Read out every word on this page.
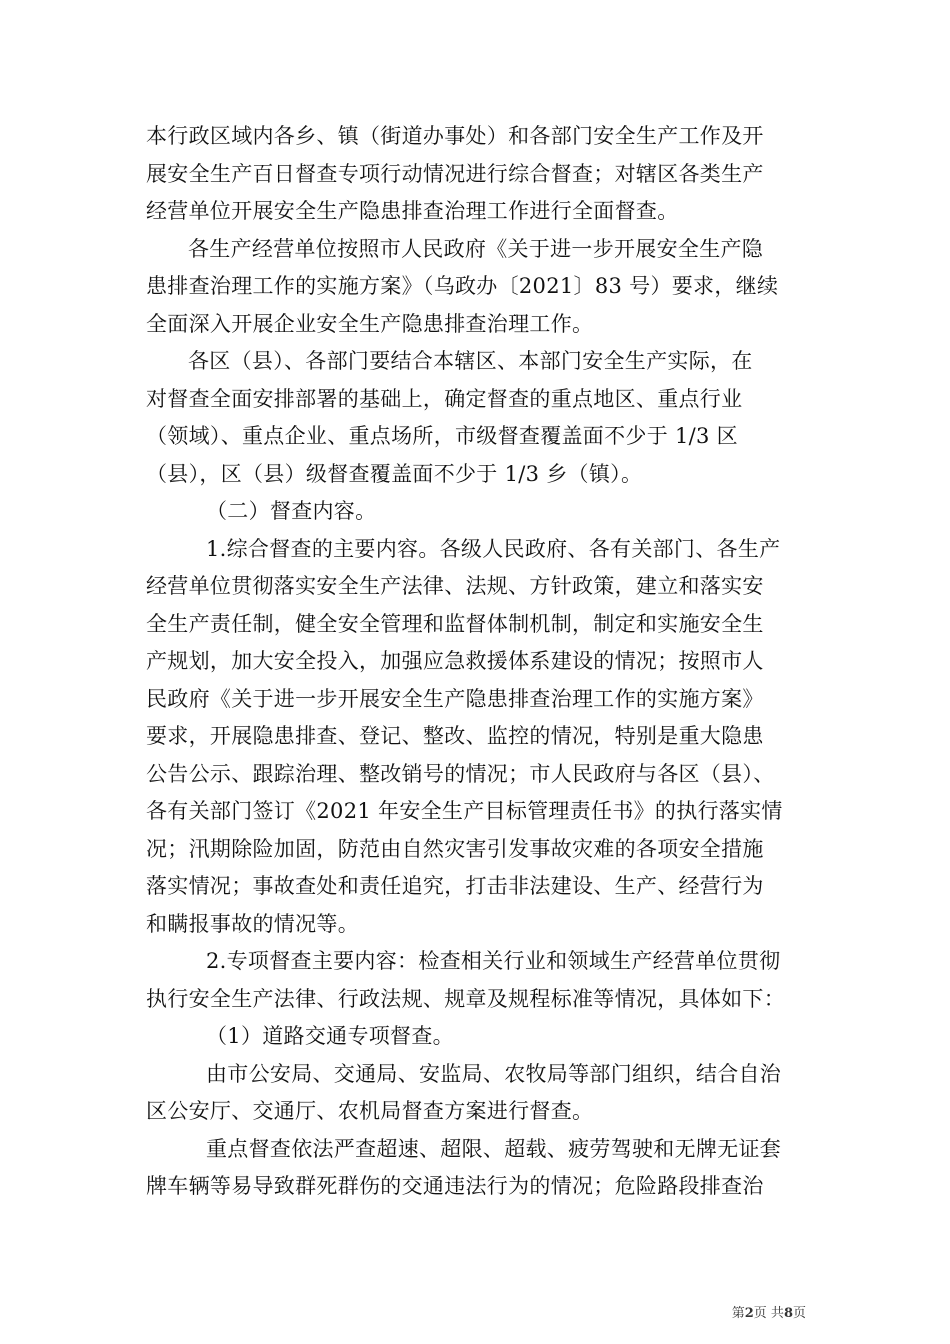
本行政区域内各乡、镇（街道办事处）和各部门安全生产工作及开
展安全生产百日督查专项行动情况进行综合督查；对辖区各类生产
经营单位开展安全生产隐患排查治理工作进行全面督查。
各生产经营单位按照市人民政府《关于进一步开展安全生产隐
患排查治理工作的实施方案》（乌政办〔2021〕83 号）要求，继续
全面深入开展企业安全生产隐患排查治理工作。
各区（县）、各部门要结合本辖区、本部门安全生产实际，在
对督查全面安排部署的基础上，确定督查的重点地区、重点行业
（领域）、重点企业、重点场所，市级督查覆盖面不少于 1/3 区
（县），区（县）级督查覆盖面不少于 1/3 乡（镇）。
（二）督查内容。
1.综合督查的主要内容。各级人民政府、各有关部门、各生产
经营单位贯彻落实安全生产法律、法规、方针政策，建立和落实安
全生产责任制，健全安全管理和监督体制机制，制定和实施安全生
产规划，加大安全投入，加强应急救援体系建设的情况；按照市人
民政府《关于进一步开展安全生产隐患排查治理工作的实施方案》
要求，开展隐患排查、登记、整改、监控的情况，特别是重大隐患
公告公示、跟踪治理、整改销号的情况；市人民政府与各区（县）、
各有关部门签订《2021 年安全生产目标管理责任书》的执行落实情
况；汛期除险加固，防范由自然灾害引发事故灾难的各项安全措施
落实情况；事故查处和责任追究，打击非法建设、生产、经营行为
和瞒报事故的情况等。
2.专项督查主要内容：检查相关行业和领域生产经营单位贯彻
执行安全生产法律、行政法规、规章及规程标准等情况，具体如下：
（1）道路交通专项督查。
由市公安局、交通局、安监局、农牧局等部门组织，结合自治
区公安厅、交通厅、农机局督查方案进行督查。
重点督查依法严查超速、超限、超载、疲劳驾驶和无牌无证套
牌车辆等易导致群死群伤的交通违法行为的情况；危险路段排查治
第2页 共8页
